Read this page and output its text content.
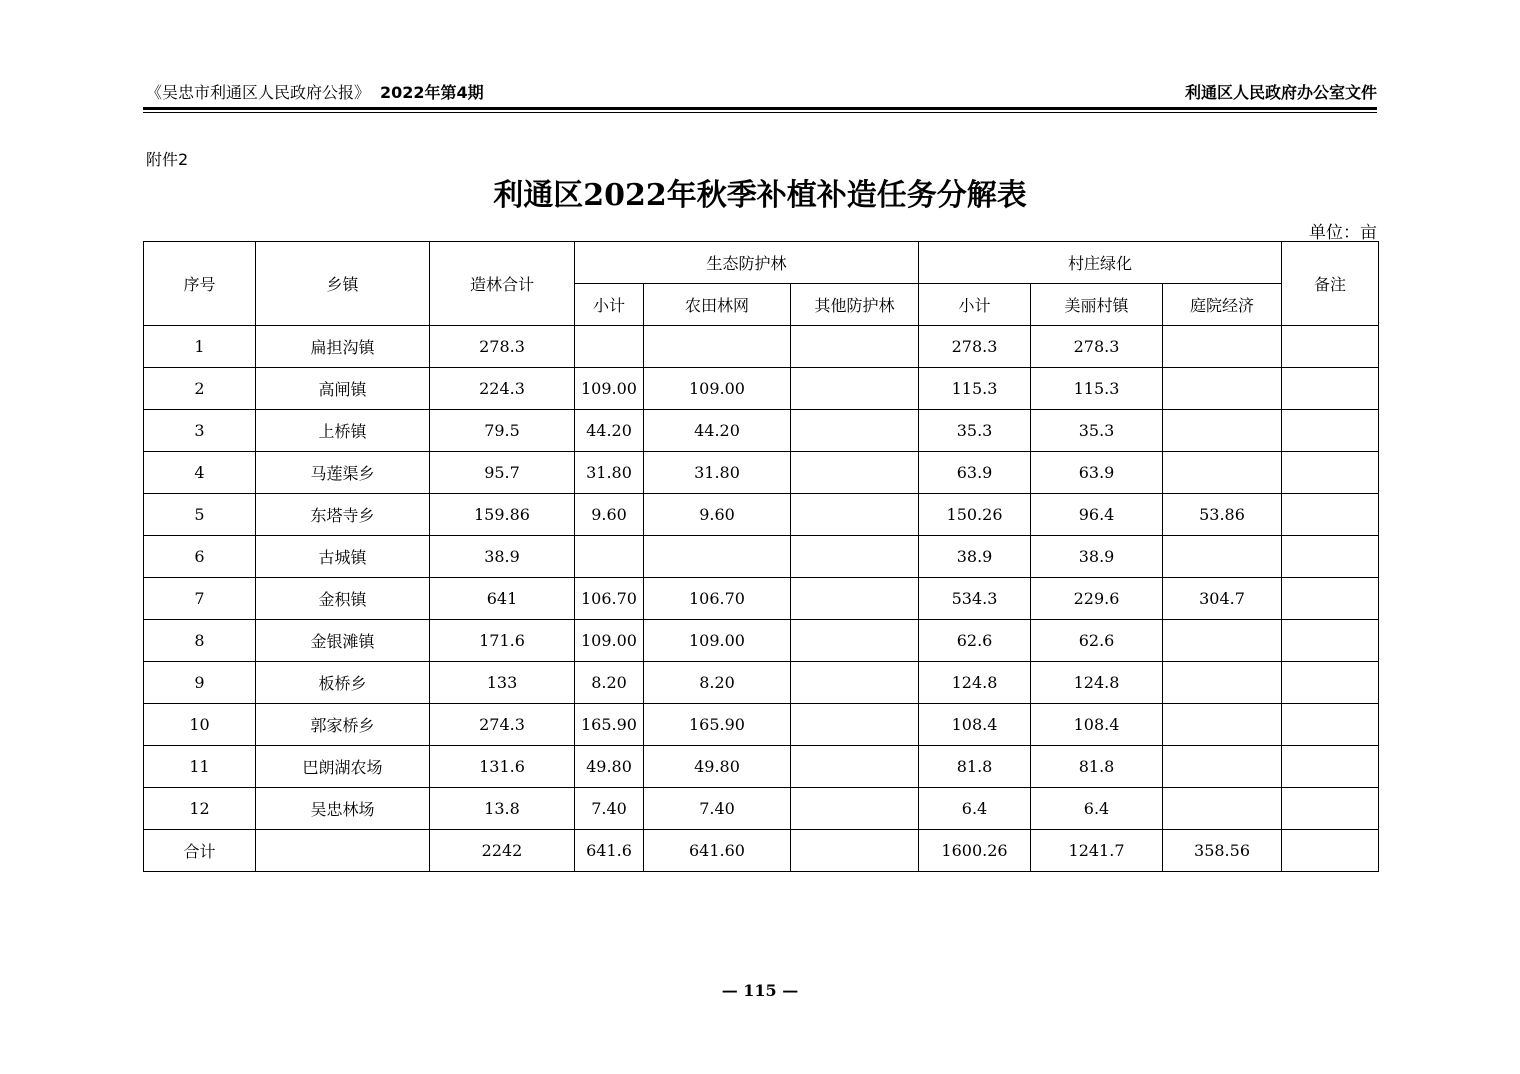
《吴忠市利通区人民政府公报》 2022年第4期	利通区人民政府办公室文件
附件2
利通区2022年秋季补植补造任务分解表
单位：亩
序号	乡镇	造林合计	生态防护林			村庄绿化			备注
			小计	农田林网	其他防护林	小计	美丽村镇	庭院经济	
1	扁担沟镇	278.3				278.3	278.3		
2	高闸镇	224.3	109.00	109.00		115.3	115.3		
3	上桥镇	79.5	44.20	44.20		35.3	35.3		
4	马莲渠乡	95.7	31.80	31.80		63.9	63.9		
5	东塔寺乡	159.86	9.60	9.60		150.26	96.4	53.86	
6	古城镇	38.9				38.9	38.9		
7	金积镇	641	106.70	106.70		534.3	229.6	304.7	
8	金银滩镇	171.6	109.00	109.00		62.6	62.6		
9	板桥乡	133	8.20	8.20		124.8	124.8		
10	郭家桥乡	274.3	165.90	165.90		108.4	108.4		
11	巴朗湖农场	131.6	49.80	49.80		81.8	81.8		
12	吴忠林场	13.8	7.40	7.40		6.4	6.4		
合计		2242	641.6	641.60		1600.26	1241.7	358.56	
— 115 —
